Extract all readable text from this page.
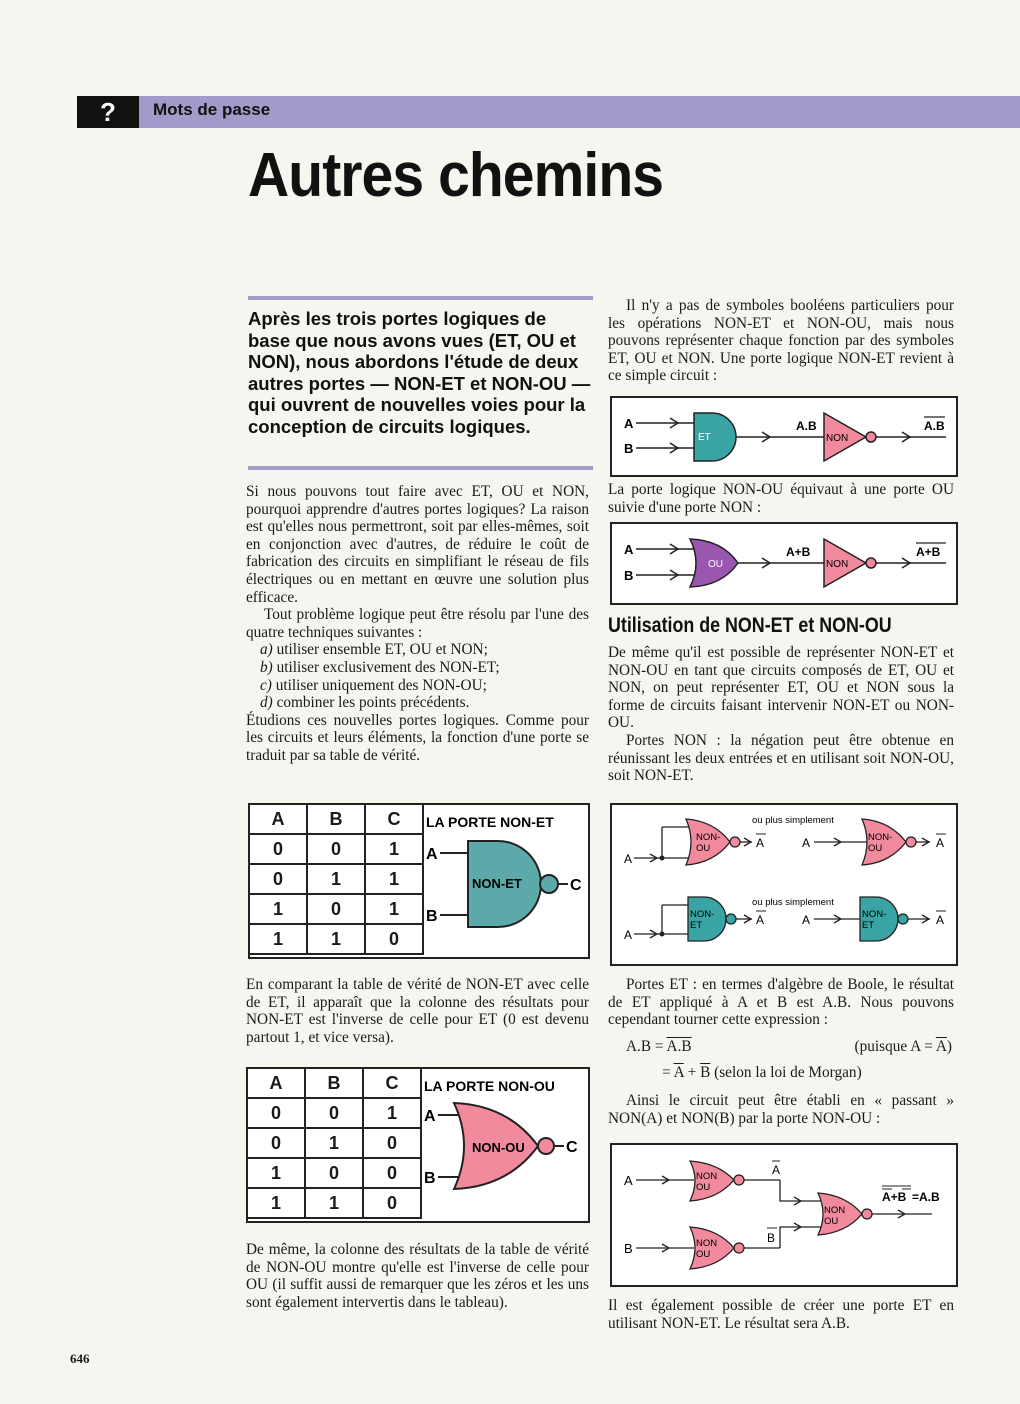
?	Mots de passe
Autres chemins
Après les trois portes logiques de base que nous avons vues (ET, OU et NON), nous abordons l'étude de deux autres portes — NON-ET et NON-OU — qui ouvrent de nouvelles voies pour la conception de circuits logiques.

Si nous pouvons tout faire avec ET, OU et NON, pourquoi apprendre d'autres portes logiques? La raison est qu'elles nous permettront, soit par elles-mêmes, soit en conjonction avec d'autres, de réduire le coût de fabrication des circuits en simplifiant le réseau de fils électriques ou en mettant en œuvre une solution plus efficace.

Tout problème logique peut être résolu par l'une des quatre techniques suivantes :

a) utiliser ensemble ET, OU et NON;

b) utiliser exclusivement des NON-ET;

c) utiliser uniquement des NON-OU;

d) combiner les points précédents.

Étudions ces nouvelles portes logiques. Comme pour les circuits et leurs éléments, la fonction d'une porte se traduit par sa table de vérité.

A	B	C
0	0	1
0	1	1
1	0	1
1	1	0
LA PORTE NON-ET
A
B
NON-ET	C
En comparant la table de vérité de NON-ET avec celle de ET, il apparaît que la colonne des résultats pour NON-ET est l'inverse de celle pour ET (0 est devenu partout 1, et vice versa).
A	B	C
0	0	1
0	1	0
1	0	0
1	1	0
LA PORTE NON-OU
A
B
NON-OU	C
De même, la colonne des résultats de la table de vérité de NON-OU montre qu'elle est l'inverse de celle pour OU (il suffit aussi de remarquer que les zéros et les uns sont également intervertis dans le tableau).

Il n'y a pas de symboles booléens particuliers pour les opérations NON-ET et NON-OU, mais nous pouvons représenter chaque fonction par des symboles ET, OU et NON. Une porte logique NON-ET revient à ce simple circuit :

A
B
ET
A.B
NON
A.B
La porte logique NON-OU équivaut à une porte OU suivie d'une porte NON :
A
B
OU
A+B
NON
A+B
Utilisation de NON-ET et NON-OU

De même qu'il est possible de représenter NON-ET et NON-OU en tant que circuits composés de ET, OU et NON, on peut représenter ET, OU et NON sous la forme de circuits faisant intervenir NON-ET ou NON-OU.

Portes NON : la négation peut être obtenue en réunissant les deux entrées et en utilisant soit NON-OU, soit NON-ET.

ou plus simplement
ou plus simplement
A
NON-
OU	A	A	NON-
OU	A
A
NON-
ET	A	A	NON-
ET	A

Portes ET : en termes d'algèbre de Boole, le résultat de ET appliqué à A et B est A.B. Nous pouvons cependant tourner cette expression :

A.B = A.B	(puisque $A = \overline{A}$)
= $\overline{A} + \overline{B}$ (selon la loi de Morgan)

Ainsi le circuit peut être établi en « passant » NON(A) et NON(B) par la porte NON-OU :

A
B
NON
OU
A
NON
OU
B
NON
OU
A+B =A.B
Il est également possible de créer une porte ET en utilisant NON-ET. Le résultat sera A.B.
646
